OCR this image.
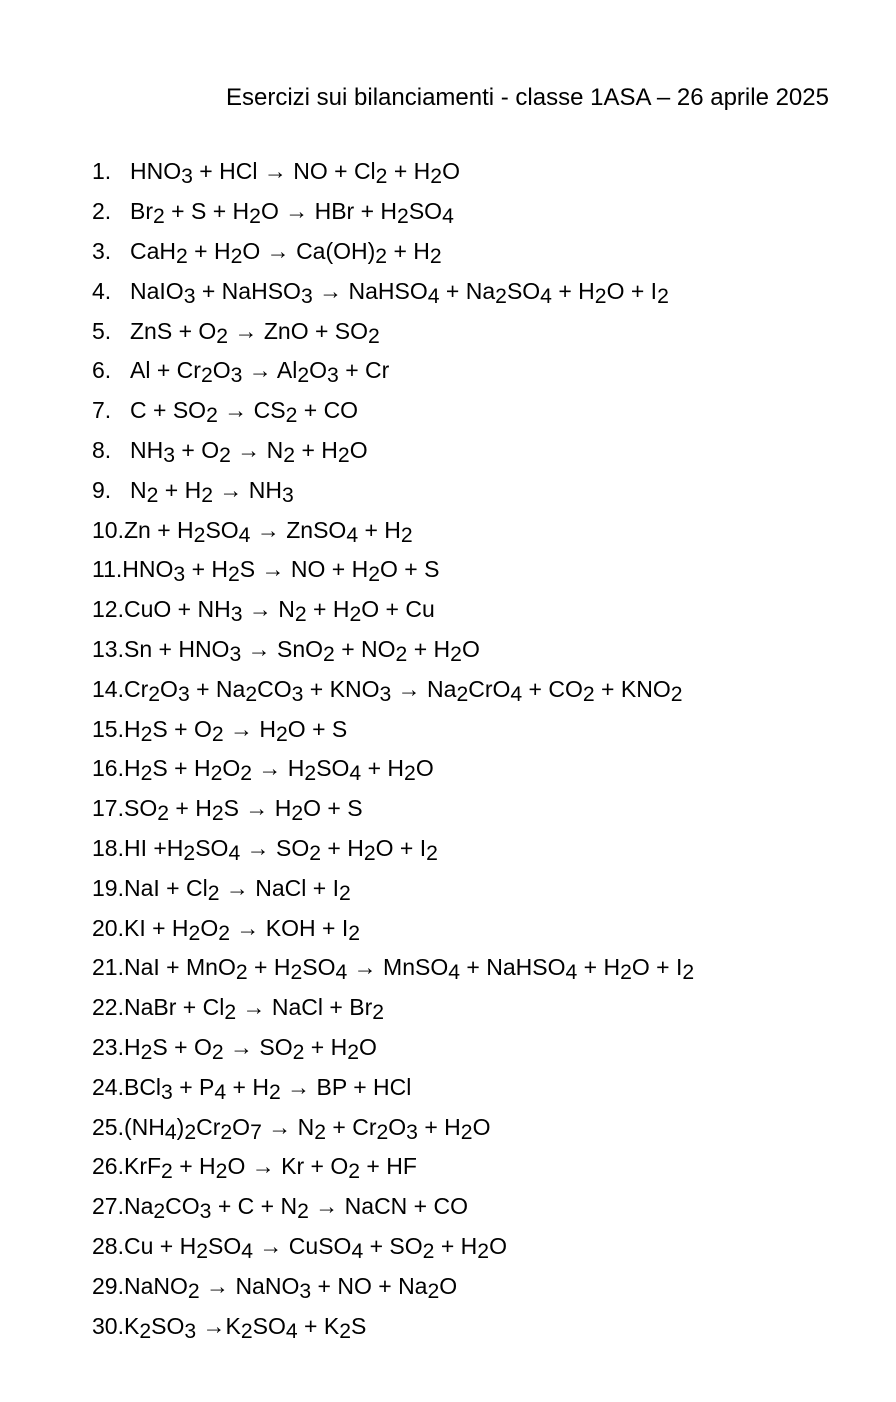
Esercizi sui bilanciamenti - classe 1ASA – 26 aprile 2025
1. $HNO_3$ + HCl → NO + $Cl_2 + H_2O$
2. $Br_2 + S + H_2O$ → HBr + $H_2SO_4$
3. $CaH_2 + H_2O \to Ca(OH)_2 + H_2$
4. NaIO$_3$ + NaHSO$_3$ → NaHSO$_4$ + $Na_2SO_4 + H_2O + I_2$
5. ZnS + $O_2$ → ZnO + $SO_2$
6. $Al + Cr_2O_3 \to Al_2O_3 + Cr$
7. $C + SO_2 \to CS_2$ + CO
8. $NH_3 + O_2 \to N_2 + H_2O$
9. $N_2 + H_2 \to NH_3$
10. $Zn + H_2SO_4$ → ZnSO$_4$ + $H_2$
11. $HNO_3 + H_2S$ → NO + $H_2O + S$
12. CuO + $NH_3 \to N_2 + H_2O + Cu$
13. $Sn + HNO_3 \to SnO_2 + NO_2 + H_2O$
14. $Cr_2O_3 + Na_2CO_3 + KNO_3 \to Na_2CrO_4 + CO_2 + KNO_2$
15. $H_2S + O_2 \to H_2O + S$
16. $H_2S + H_2O_2 \to H_2SO_4 + H_2O$
17. $SO_2 + H_2S \to H_2O + S$
18. HI $+H_2SO_4 \to SO_2 + H_2O + I_2$
19. NaI + $Cl_2$ → NaCl + $I_2$
20. KI + $H_2O_2$ → KOH + $I_2$
21. NaI + $MnO_2 + H_2SO_4$ → MnSO$_4$ + NaHSO$_4$ + $H_2O + I_2$
22. NaBr + $Cl_2$ → NaCl + $Br_2$
23. $H_2S + O_2 \to SO_2 + H_2O$
24. $BCl_3 + P_4 + H_2$ → BP + HCl
25. $(NH_4)_2Cr_2O_7 \to N_2 + Cr_2O_3 + H_2O$
26. $KrF_2 + H_2O \to Kr + O_2$ + HF
27. $Na_2CO_3 + C + N_2$ → NaCN + CO
28. $Cu + H_2SO_4$ → CuSO$_4$ + $SO_2 + H_2O$
29. NaNO$_2$ → NaNO$_3$ + NO + $Na_2O$
30. $K_2SO_3 \to K_2SO_4 + K_2S$
